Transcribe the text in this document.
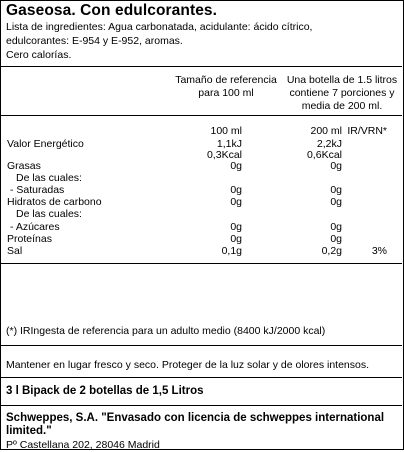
Gaseosa. Con edulcorantes.
Lista de ingredientes: Agua carbonatada, acidulante: ácido cítrico,
edulcorantes: E-954 y E-952, aromas.
Cero calorías.
Tamaño de referencia para 100 ml
Una botella de 1.5 litros contiene 7 porciones y media de 200 ml.
100 ml	200 ml IR/VRN*
Valor Energético	1,1kJ	2,2kJ
0,3Kcal	0,6Kcal
Grasas	0g	0g
De las cuales:
- Saturadas	0g	0g
Hidratos de carbono	0g	0g
De las cuales:
- Azúcares	0g	0g
Proteínas	0g	0g
Sal	0,1g	0,2g	3%
(*) IRIngesta de referencia para un adulto medio (8400 kJ/2000 kcal)
Mantener en lugar fresco y seco. Proteger de la luz solar y de olores intensos.
3 l Bipack de 2 botellas de 1,5 Litros
Schweppes, S.A. "Envasado con licencia de schweppes international
limited."
Pº Castellana 202, 28046 Madrid
